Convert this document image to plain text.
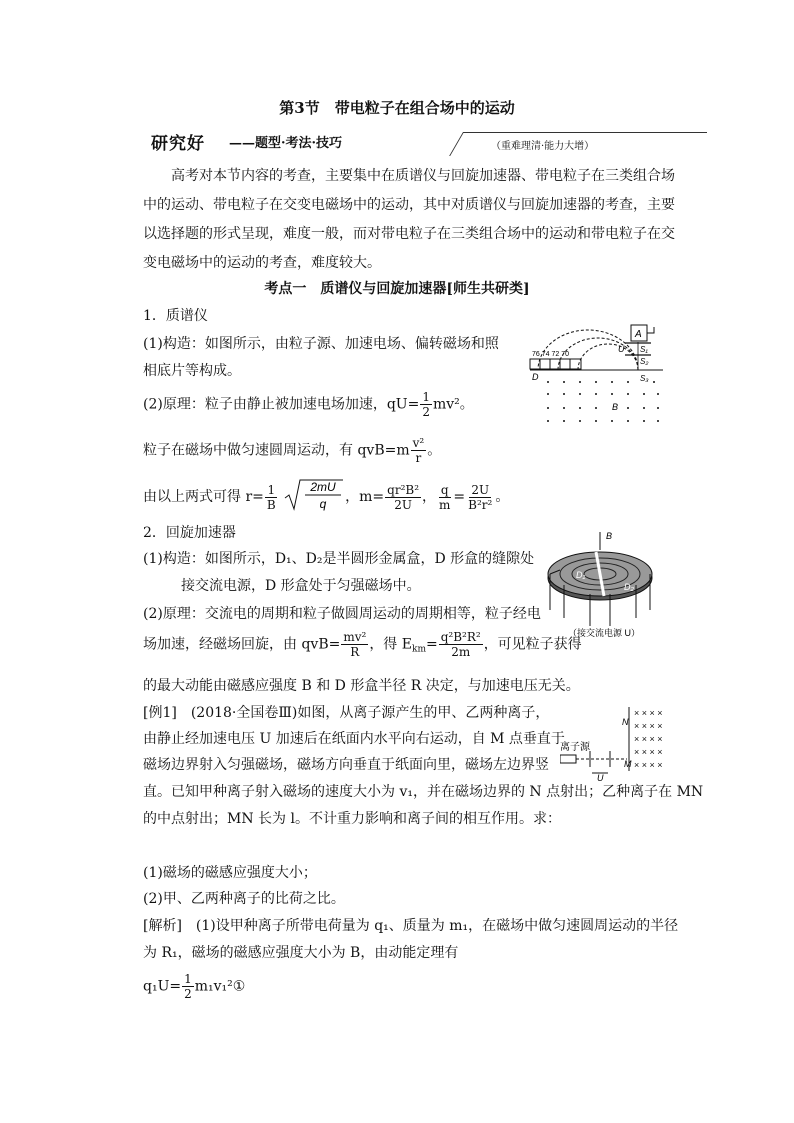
第3节　带电粒子在组合场中的运动
研究好 ——题型·考法·技巧	（重难理清·能力大增）
高考对本节内容的考查，主要集中在质谱仪与回旋加速器、带电粒子在三类组合场中的运动、带电粒子在交变电磁场中的运动，其中对质谱仪与回旋加速器的考查，主要以选择题的形式呈现，难度一般，而对带电粒子在三类组合场中的运动和带电粒子在交变电磁场中的运动的考查，难度较大。
考点一　质谱仪与回旋加速器[师生共研类]
1．质谱仪
(1)构造：如图所示，由粒子源、加速电场、偏转磁场和照
相底片等构成。
(2)原理：粒子由静止被加速电场加速，$qU= \frac{1}{2} mv^2$。
粒子在磁场中做匀速圆周运动，有 $qvB=m \frac{\text{v²}}{r}$ 。
由以上两式可得 $r= \frac{1}{B}$
	2mU
q ，$m= \frac{\text{qr²B²}}{2U}$ ， $\frac{q}{m} = \frac{2U}{\text{B²r²}}$ 。
2．回旋加速器
(1)构造：如图所示，D₁、D₂是半圆形金属盒，D 形盒的缝隙处
接交流电源，D 形盒处于匀强磁场中。
(2)原理：交流电的周期和粒子做圆周运动的周期相等，粒子经电
场加速，经磁场回旋，由 $qvB= \frac{\text{mv²}}{R}$ ，得 $E_{km}= \frac{\text{q²B²R²}}{2m}$ ，可见粒子获得
的最大动能由磁感应强度 B 和 D 形盒半径 R 决定，与加速电压无关。
[例1]　(2018·全国卷Ⅲ)如图，从离子源产生的甲、乙两种离子，
由静止经加速电压 U 加速后在纸面内水平向右运动，自 M 点垂直于
磁场边界射入匀强磁场，磁场方向垂直于纸面向里，磁场左边界竖
直。已知甲种离子射入磁场的速度大小为 v₁，并在磁场边界的 N 点射出；乙种离子在 MN
的中点射出；MN 长为 l。不计重力影响和离子间的相互作用。求：
(1)磁场的磁感应强度大小；
(2)甲、乙两种离子的比荷之比。
[解析]　(1)设甲种离子所带电荷量为 q₁、质量为 m₁，在磁场中做匀速圆周运动的半径
为 R₁，磁场的磁感应强度大小为 B，由动能定理有
$q_1U= \frac{1}{2}$ m₁v₁²①
A
U S₁
S₂
S₃
76 74 72 70
D
B
B
D₁
D₂
（接交流电源 U）
离子源
U
M
N
× × × ×
× × × ×
× × × ×
× × × ×
× × × ×
